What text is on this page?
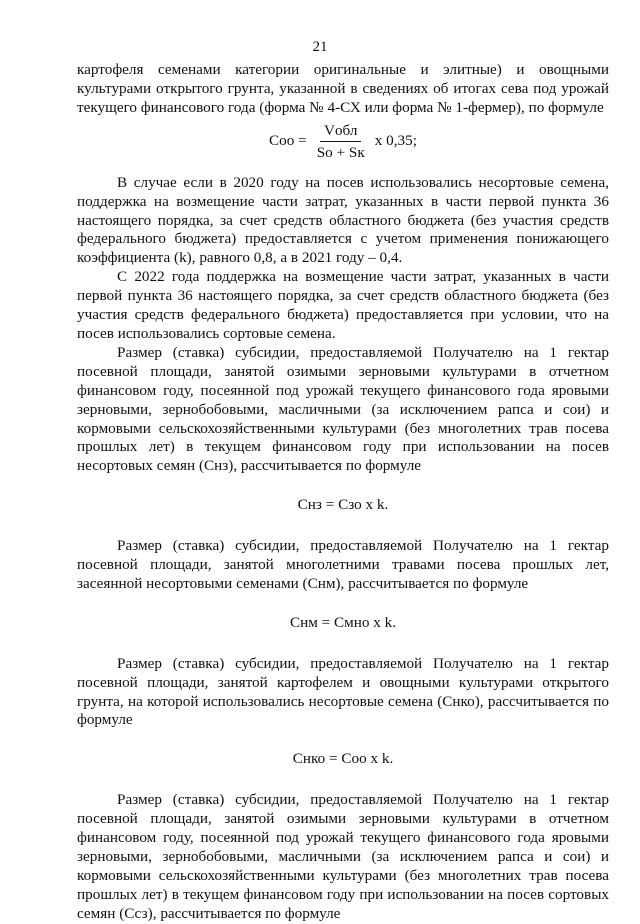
21

картофеля семенами категории оригинальные и элитные) и овощными культурами открытого грунта, указанной в сведениях об итогах сева под урожай текущего финансового года (форма № 4-СХ или форма № 1-фермер), по формуле

Соо = $\frac{\text{Vобл}}{So + Sк}$ х 0,35;

В случае если в 2020 году на посев использовались несортовые семена, поддержка на возмещение части затрат, указанных в части первой пункта 36 настоящего порядка, за счет средств областного бюджета (без участия средств федерального бюджета) предоставляется с учетом применения понижающего коэффициента (k), равного 0,8, а в 2021 году – 0,4.

С 2022 года поддержка на возмещение части затрат, указанных в части первой пункта 36 настоящего порядка, за счет средств областного бюджета (без участия средств федерального бюджета) предоставляется при условии, что на посев использовались сортовые семена.

Размер (ставка) субсидии, предоставляемой Получателю на 1 гектар посевной площади, занятой озимыми зерновыми культурами в отчетном финансовом году, посеянной под урожай текущего финансового года яровыми зерновыми, зернобобовыми, масличными (за исключением рапса и сои) и кормовыми сельскохозяйственными культурами (без многолетних трав посева прошлых лет) в текущем финансовом году при использовании на посев несортовых семян (Снз), рассчитывается по формуле

Снз = Сзо х k.

Размер (ставка) субсидии, предоставляемой Получателю на 1 гектар посевной площади, занятой многолетними травами посева прошлых лет, засеянной несортовыми семенами (Снм), рассчитывается по формуле

Снм = Смно х k.

Размер (ставка) субсидии, предоставляемой Получателю на 1 гектар посевной площади, занятой картофелем и овощными культурами открытого грунта, на которой использовались несортовые семена (Снко), рассчитывается по формуле

Снко = Соо х k.

Размер (ставка) субсидии, предоставляемой Получателю на 1 гектар посевной площади, занятой озимыми зерновыми культурами в отчетном финансовом году, посеянной под урожай текущего финансового года яровыми зерновыми, зернобобовыми, масличными (за исключением рапса и сои) и кормовыми сельскохозяйственными культурами (без многолетних трав посева прошлых лет) в текущем финансовом году при использовании на посев сортовых семян (Ссз), рассчитывается по формуле
